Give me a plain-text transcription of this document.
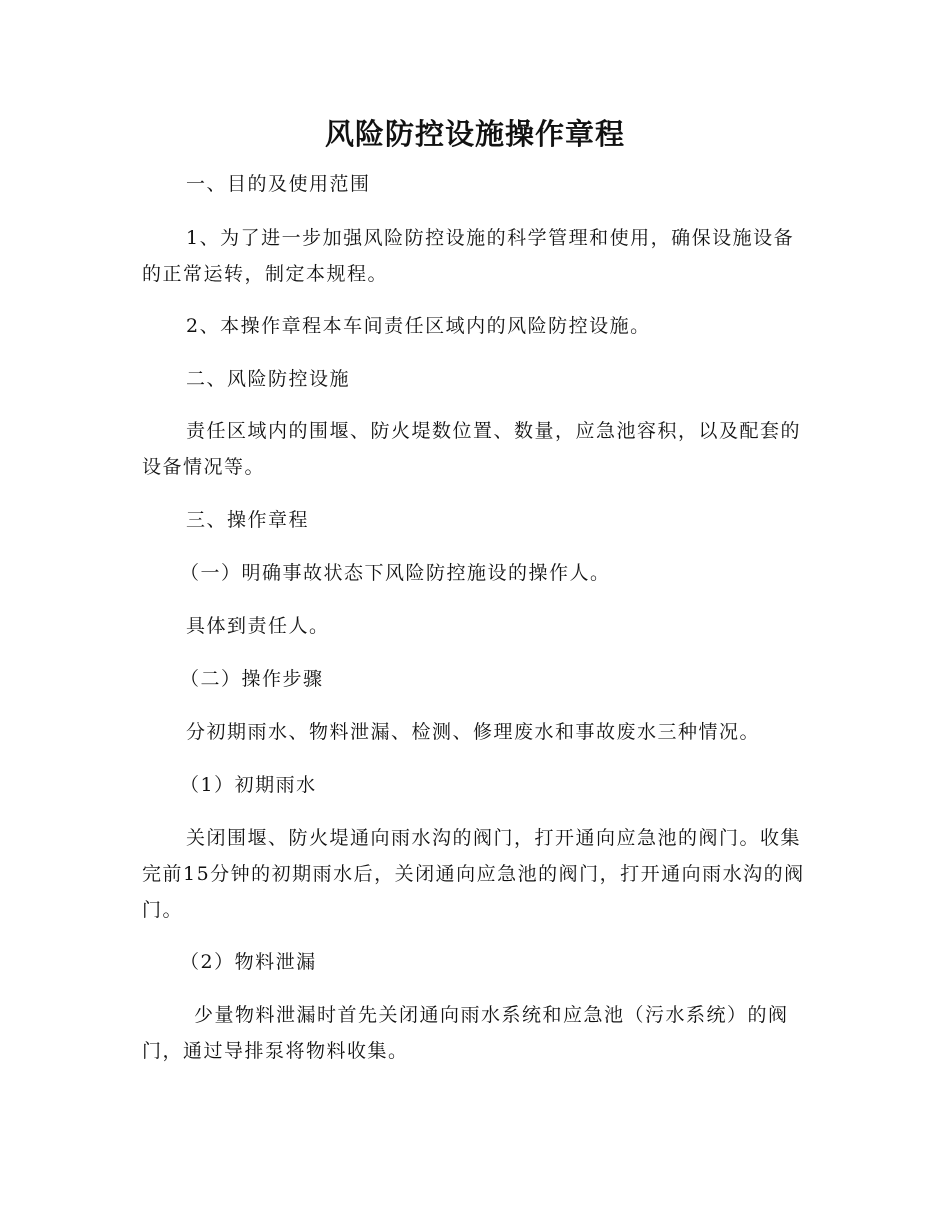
风险防控设施操作章程

一、目的及使用范围

1、为了进一步加强风险防控设施的科学管理和使用，确保设施设备的正常运转，制定本规程。

2、本操作章程本车间责任区域内的风险防控设施。

二、风险防控设施

责任区域内的围堰、防火堤数位置、数量，应急池容积，以及配套的设备情况等。

三、操作章程

（一）明确事故状态下风险防控施设的操作人。

具体到责任人。

（二）操作步骤

分初期雨水、物料泄漏、检测、修理废水和事故废水三种情况。

（1）初期雨水

关闭围堰、防火堤通向雨水沟的阀门，打开通向应急池的阀门。收集完前15分钟的初期雨水后，关闭通向应急池的阀门，打开通向雨水沟的阀门。

（2）物料泄漏

少量物料泄漏时首先关闭通向雨水系统和应急池（污水系统）的阀门，通过导排泵将物料收集。
